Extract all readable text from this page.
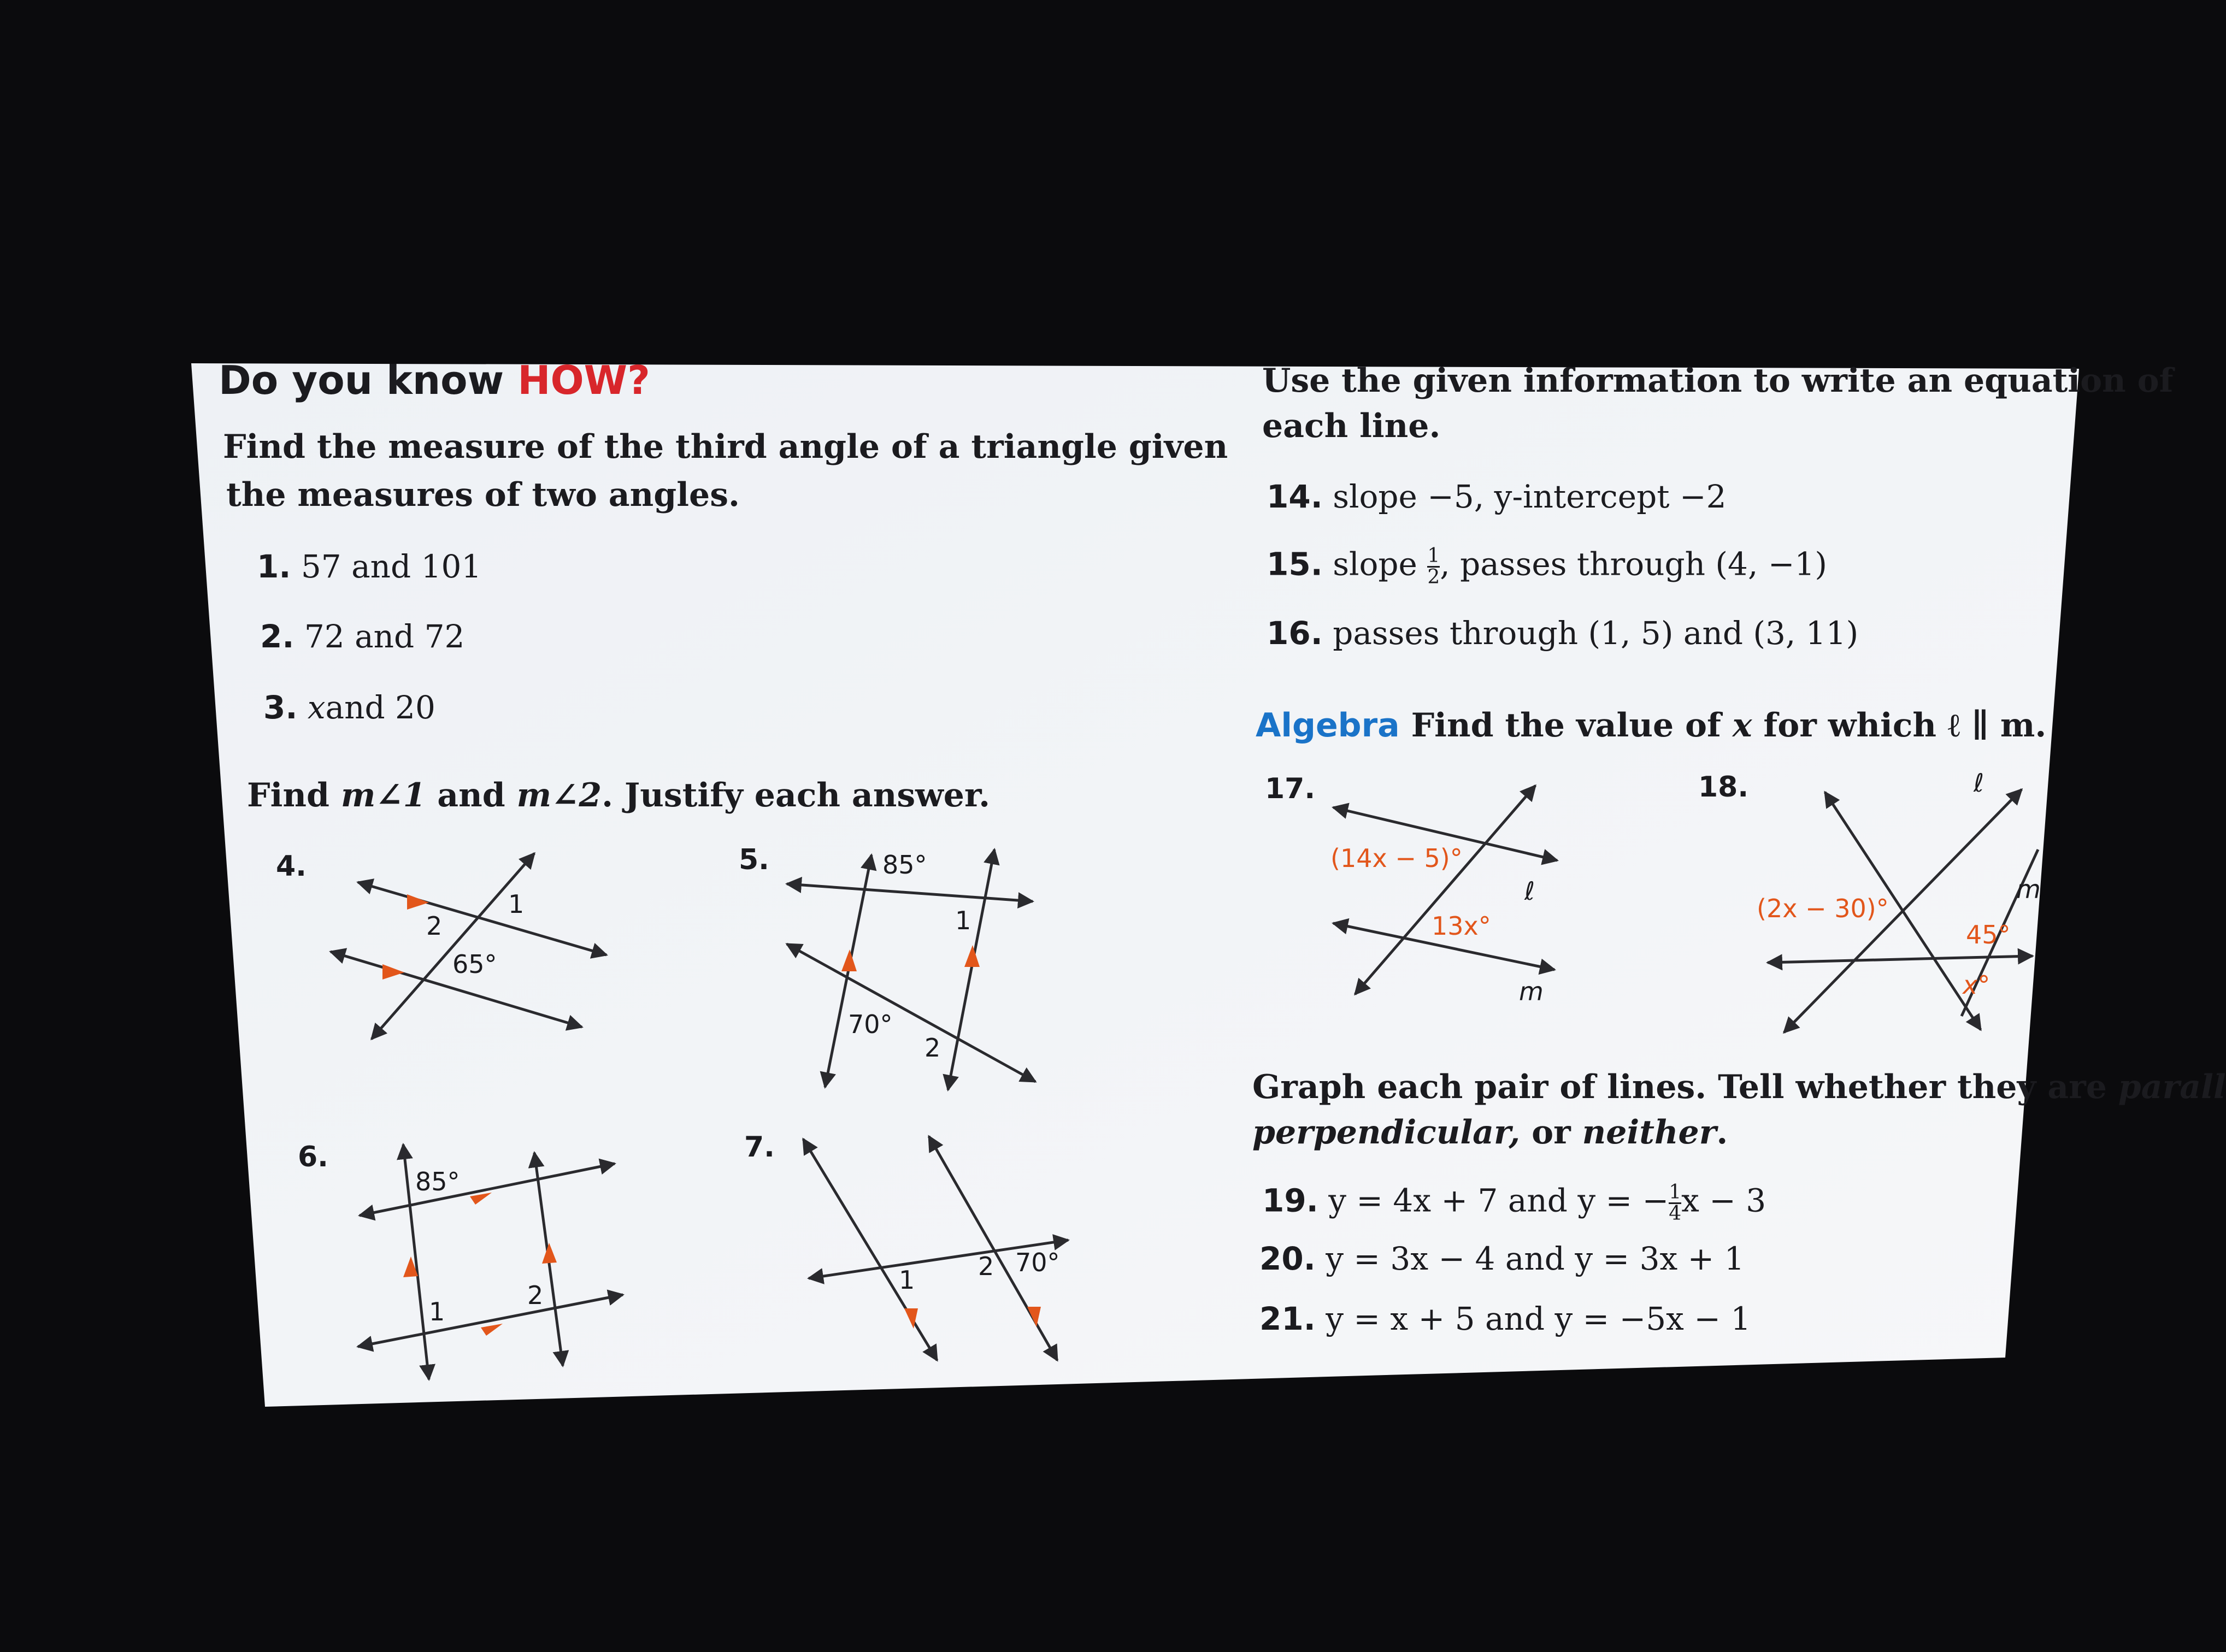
Do you know HOW?
Find the measure of the third angle of a triangle given
the measures of two angles.
1. 57 and 101
2. 72 and 72
3. xand 20
Find m∠1 and m∠2. Justify each answer.
4.	5.
6.	7.
1
2
65°
85°
1
70°
2
85°
1
2
1	2 70°
Use the given information to write an equation of
each line.
14. slope −5, y-intercept −2
15. slope $\frac{1}{2}$ , passes through (4, −1)
16. passes through (1, 5) and (3, 11)
Algebra Find the value of x for which ℓ ∥ m.
17.	18.
(14x − 5)°
13x°
ℓ
m
(2x − 30)°
45°
x°
ℓ
m
Graph each pair of lines. Tell whether they are parall
perpendicular, or neither.
19. y = 4x + 7 and y = − $\frac{1}{4}$ x − 3
20. y = 3x − 4 and y = 3x + 1
21. y = x + 5 and y = −5x − 1
